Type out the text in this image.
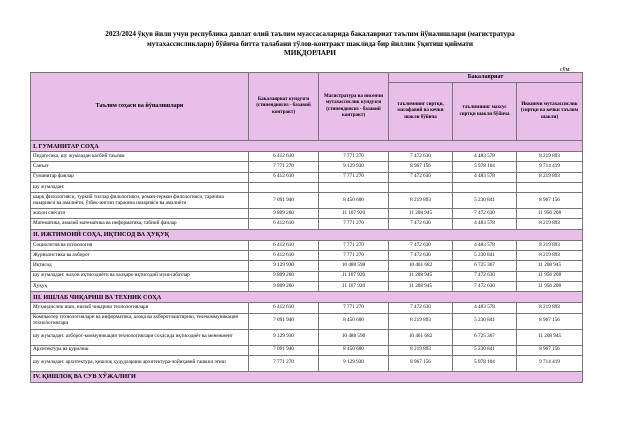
2023/2024 ўқув йили учун республика давлат олий таълим муассасаларида бакалавриат таълим йўналишлари (магистратура
мутахассисликлари) бўйича битта талабани тўлов-контракт шаклида бир йиллик ўқитиш қиймати
МИҚДОРЛАРИ
сўм
Таълим соҳаси ва йўналишлари	Бакалавриат кундузги (стипендиясиз - базавий контракт)	Магистратура ва инсенчи мутахассислик кундузги (стипендиясиз - базавий контракт)	Бакалавриат		
			таълимнинг сиртқи, масофавий ва кечки шакли бўйича	таълимнинг махсус сиртқи шакли бўйича	Иккинчи мутахассислик (сиртқи ва кечки таълим шакли)
I. ГУМАНИТАР СОҲА					
Педагогика, шу жумладан касбий таълим	6 412 610	7 771 270	7 472 630	4 483 578	8 219 893
Санъат	7 771 270	9 129 930	8 967 156	5 978 104	9 714 419
Гуманитар фанлар	6 412 610	7 771 270	7 472 630	4 483 578	8 219 893
шу жумладан:					
шарқ филологияси, туркий тиллар филологияси, роман-герман филологияси, таржима назарияси ва амалиёти, ўзбек-инглиз таржима назарияси ва амалиёти	7 091 940	8 450 600	8 219 893	5 230 841	8 967 156
жаҳон сиёсати	9 809 260	11 167 920	11 208 945	7 472 630	11 956 208
Математика, амалий математика ва информатика, табиий фанлар	6 412 610	7 771 270	7 472 630	4 483 578	8 219 893
II. ИЖТИМОИЙ СОҲА, ИҚТИСОД ВА ҲУҚУҚ					
Социология ва психология	6 412 610	7 771 270	7 472 630	4 483 578	8 219 893
Журналистика ва ахборот	6 412 610	7 771 270	7 472 630	5 230 841	8 219 893
Иқтисод	9 129 930	10 488 590	10 461 682	6 725 367	11 208 945
шу жумладан: жаҳон иқтисодиёти ва халқаро иқтисодий муносабатлар	9 809 260	11 167 920	11 208 945	7 472 630	11 956 208
Ҳуқуқ	9 809 260	11 167 920	11 208 945	7 472 630	11 956 208
III. ИШЛАБ ЧИҚАРИШ ВА ТЕХНИК СОҲА					
Муҳандислик иши, ишлаб чиқариш технологиялари	6 412 610	7 771 270	7 472 630	4 483 578	8 219 893
Компьютер технологиялари ва информатика, алоқа ва ахборотлаштириш, телекоммуникация технологиялари	7 091 940	8 450 600	8 219 893	5 230 841	8 967 156
шу жумладан: ахборот-коммуникация технологиялари соҳасида иқтисодиёт ва менежмент	9 129 930	10 488 590	10 461 682	6 725 367	11 208 945
Архитектура ва қурилиш	7 091 940	8 450 600	8 219 893	5 230 841	8 967 156
шу жумладан: архитектура, қишлоқ ҳудудларини архитектура-лойиҳавий ташкил этиш	7 771 270	9 129 930	8 967 156	5 978 104	9 714 419
IV. ҚИШЛОҚ ВА СУВ ХЎЖАЛИГИ					
